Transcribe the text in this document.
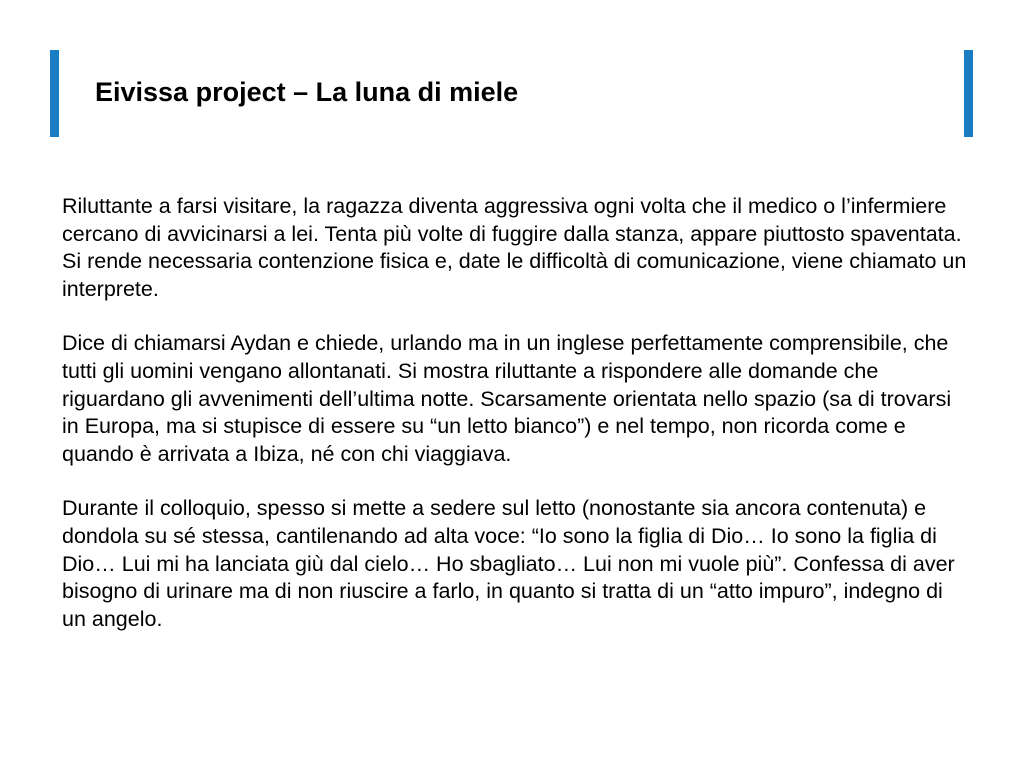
Eivissa project – La luna di miele

Riluttante a farsi visitare, la ragazza diventa aggressiva ogni volta che il medico o l’infermiere cercano di avvicinarsi a lei. Tenta più volte di fuggire dalla stanza, appare piuttosto spaventata. Si rende necessaria contenzione fisica e, date le difficoltà di comunicazione, viene chiamato un interprete.

Dice di chiamarsi Aydan e chiede, urlando ma in un inglese perfettamente comprensibile, che tutti gli uomini vengano allontanati. Si mostra riluttante a rispondere alle domande che riguardano gli avvenimenti dell’ultima notte. Scarsamente orientata nello spazio (sa di trovarsi in Europa, ma si stupisce di essere su “un letto bianco”) e nel tempo, non ricorda come e quando è arrivata a Ibiza, né con chi viaggiava.

Durante il colloquio, spesso si mette a sedere sul letto (nonostante sia ancora contenuta) e dondola su sé stessa, cantilenando ad alta voce: “Io sono la figlia di Dio… Io sono la figlia di Dio… Lui mi ha lanciata giù dal cielo… Ho sbagliato… Lui non mi vuole più”. Confessa di aver bisogno di urinare ma di non riuscire a farlo, in quanto si tratta di un “atto impuro”, indegno di un angelo.
